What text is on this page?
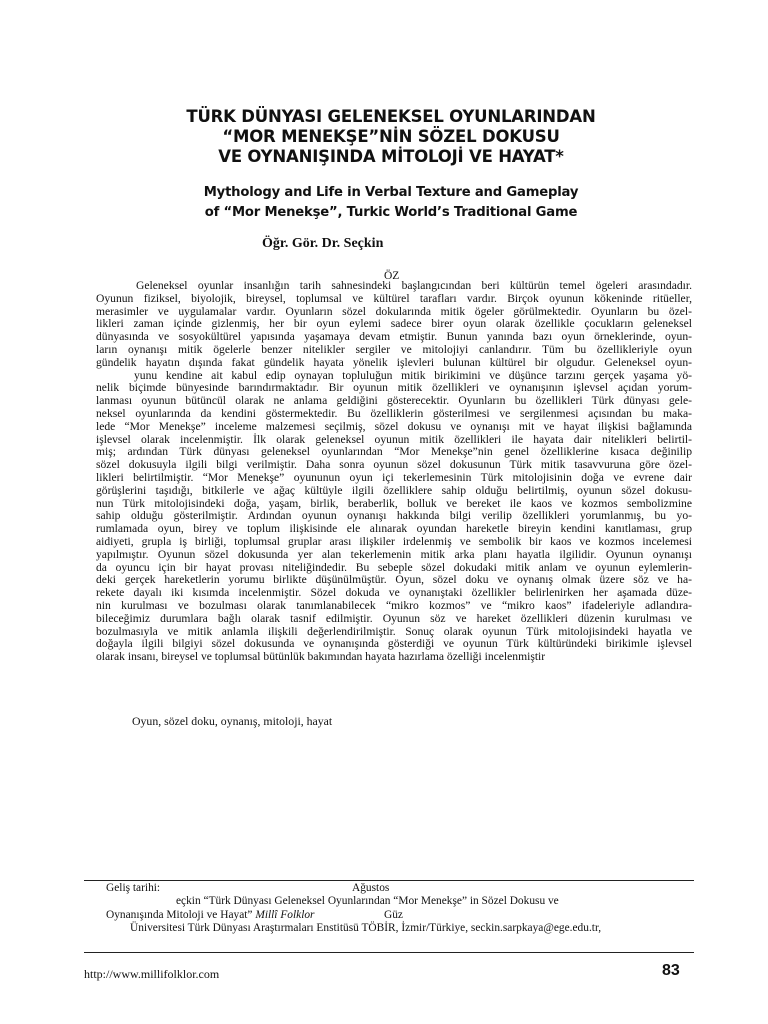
TÜRK DÜNYASI GELENEKSEL OYUNLARINDAN
“MOR MENEKŞE”NİN SÖZEL DOKUSU
VE OYNANIŞINDA MİTOLOJİ VE HAYAT*
Mythology and Life in Verbal Texture and Gameplay
of “Mor Menekşe”, Turkic World’s Traditional Game
Öğr. Gör. Dr. Seçkin
ÖZ
Geleneksel oyunlar insanlığın tarih sahnesindeki başlangıcından beri kültürün temel ögeleri arasındadır.
Oyunun fiziksel, biyolojik, bireysel, toplumsal ve kültürel tarafları vardır. Birçok oyunun kökeninde ritüeller,
merasimler ve uygulamalar vardır. Oyunların sözel dokularında mitik ögeler görülmektedir. Oyunların bu özel-
likleri zaman içinde gizlenmiş, her bir oyun eylemi sadece birer oyun olarak özellikle çocukların geleneksel
dünyasında ve sosyokültürel yapısında yaşamaya devam etmiştir. Bunun yanında bazı oyun örneklerinde, oyun-
ların oynanışı mitik ögelerle benzer nitelikler sergiler ve mitolojiyi canlandırır. Tüm bu özellikleriyle oyun
gündelik hayatın dışında fakat gündelik hayata yönelik işlevleri bulunan kültürel bir olgudur. Geleneksel oyun-
yunu kendine ait kabul edip oynayan topluluğun mitik birikimini ve düşünce tarzını gerçek yaşama yö-
nelik biçimde bünyesinde barındırmaktadır. Bir oyunun mitik özellikleri ve oynanışının işlevsel açıdan yorum-
lanması oyunun bütüncül olarak ne anlama geldiğini gösterecektir. Oyunların bu özellikleri Türk dünyası gele-
neksel oyunlarında da kendini göstermektedir. Bu özelliklerin gösterilmesi ve sergilenmesi açısından bu maka-
lede “Mor Menekşe” inceleme malzemesi seçilmiş, sözel dokusu ve oynanışı mit ve hayat ilişkisi bağlamında
işlevsel olarak incelenmiştir. İlk olarak geleneksel oyunun mitik özellikleri ile hayata dair nitelikleri belirtil-
miş; ardından Türk dünyası geleneksel oyunlarından “Mor Menekşe”nin genel özelliklerine kısaca değinilip
sözel dokusuyla ilgili bilgi verilmiştir. Daha sonra oyunun sözel dokusunun Türk mitik tasavvuruna göre özel-
likleri belirtilmiştir. “Mor Menekşe” oyununun oyun içi tekerlemesinin Türk mitolojisinin doğa ve evrene dair
görüşlerini taşıdığı, bitkilerle ve ağaç kültüyle ilgili özelliklere sahip olduğu belirtilmiş, oyunun sözel dokusu-
nun Türk mitolojisindeki doğa, yaşam, birlik, beraberlik, bolluk ve bereket ile kaos ve kozmos sembolizmine
sahip olduğu gösterilmiştir. Ardından oyunun oynanışı hakkında bilgi verilip özellikleri yorumlanmış, bu yo-
rumlamada oyun, birey ve toplum ilişkisinde ele alınarak oyundan hareketle bireyin kendini kanıtlaması, grup
aidiyeti, grupla iş birliği, toplumsal gruplar arası ilişkiler irdelenmiş ve sembolik bir kaos ve kozmos incelemesi
yapılmıştır. Oyunun sözel dokusunda yer alan tekerlemenin mitik arka planı hayatla ilgilidir. Oyunun oynanışı
da oyuncu için bir hayat provası niteliğindedir. Bu sebeple sözel dokudaki mitik anlam ve oyunun eylemlerin-
deki gerçek hareketlerin yorumu birlikte düşünülmüştür. Oyun, sözel doku ve oynanış olmak üzere söz ve ha-
rekete dayalı iki kısımda incelenmiştir. Sözel dokuda ve oynanıştaki özellikler belirlenirken her aşamada düze-
nin kurulması ve bozulması olarak tanımlanabilecek “mikro kozmos” ve “mikro kaos” ifadeleriyle adlandıra-
bileceğimiz durumlara bağlı olarak tasnif edilmiştir. Oyunun söz ve hareket özellikleri düzenin kurulması ve
bozulmasıyla ve mitik anlamla ilişkili değerlendirilmiştir. Sonuç olarak oyunun Türk mitolojisindeki hayatla ve
doğayla ilgili bilgiyi sözel dokusunda ve oynanışında gösterdiği ve oyunun Türk kültüründeki birikimle işlevsel
olarak insanı, bireysel ve toplumsal bütünlük bakımından hayata hazırlama özelliği incelenmiştir
Oyun, sözel doku, oynanış, mitoloji, hayat
Geliş tarihi:	Ağustos
eçkin “Türk Dünyası Geleneksel Oyunlarından “Mor Menekşe” in Sözel Dokusu ve
Oynanışında Mitoloji ve Hayat” Millî Folklor	Güz
Üniversitesi Türk Dünyası Araştırmaları Enstitüsü TÖBİR, İzmir/Türkiye, seckin.sarpkaya@ege.edu.tr,
http://www.millifolklor.com	83
